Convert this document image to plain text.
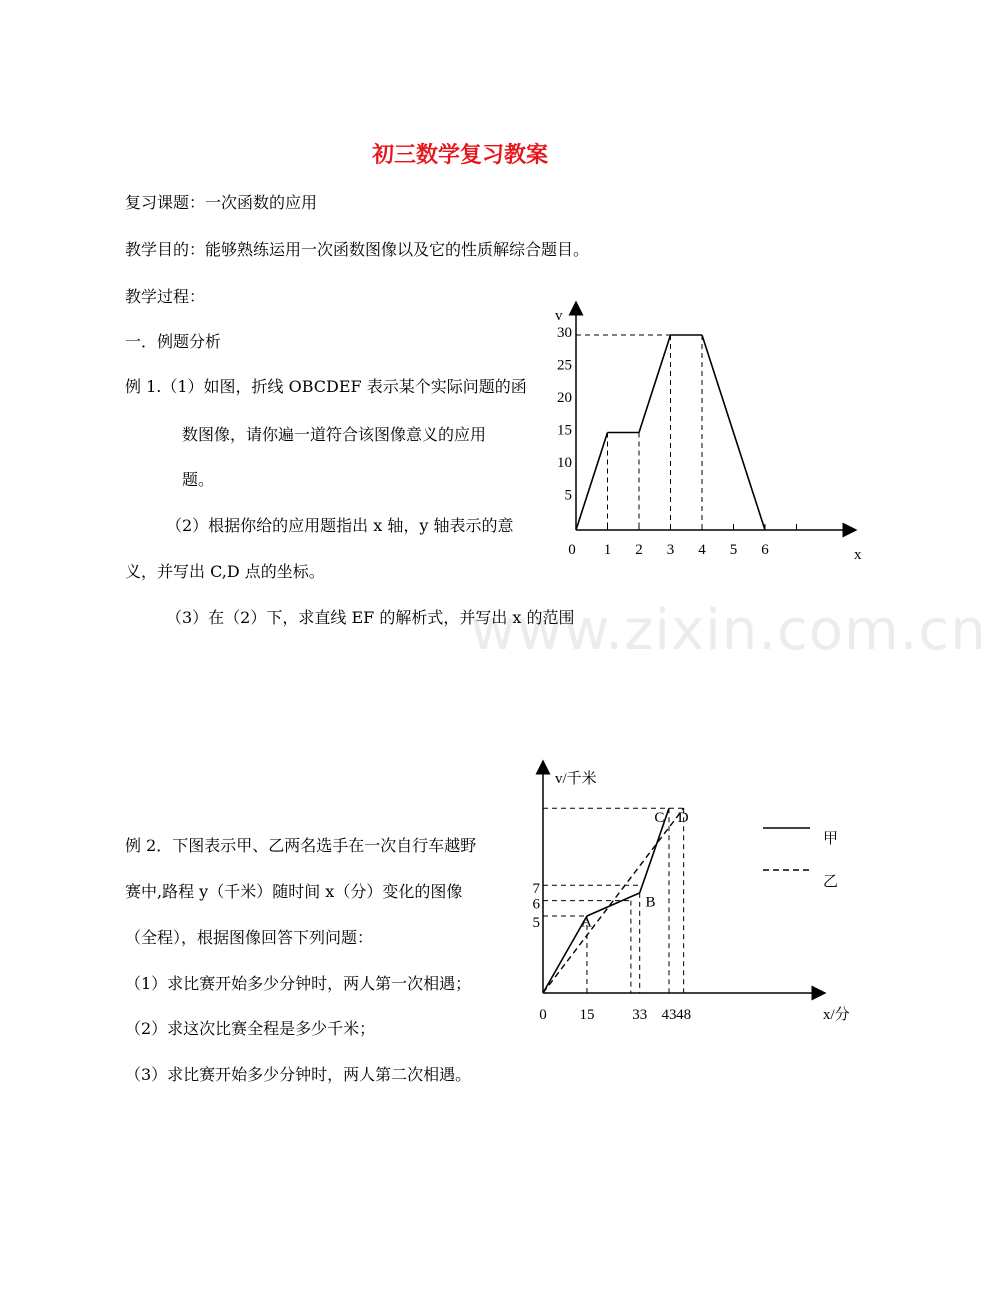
初三数学复习教案
复习课题：一次函数的应用
教学目的：能够熟练运用一次函数图像以及它的性质解综合题目。
教学过程：
一．例题分析
例 1.（1）如图，折线 OBCDEF 表示某个实际问题的函
数图像，请你遍一道符合该图像意义的应用
题。
（2）根据你给的应用题指出 x 轴，y 轴表示的意
义，并写出 C,D 点的坐标。
（3）在（2）下，求直线 EF 的解析式，并写出 x 的范围
www.zixin.com.cn
例 2．下图表示甲、乙两名选手在一次自行车越野
赛中,路程 y（千米）随时间 x（分）变化的图像
（全程），根据图像回答下列问题：
（1）求比赛开始多少分钟时，两人第一次相遇；
（2）求这次比赛全程是多少千米；
（3）求比赛开始多少分钟时，两人第二次相遇。
0 1 2 3 4 5 6
5
10
15
20
25
30
v
x
0 15	33 43 48
5
6
7
A
B
C D
甲
乙
v/千米
x/分
